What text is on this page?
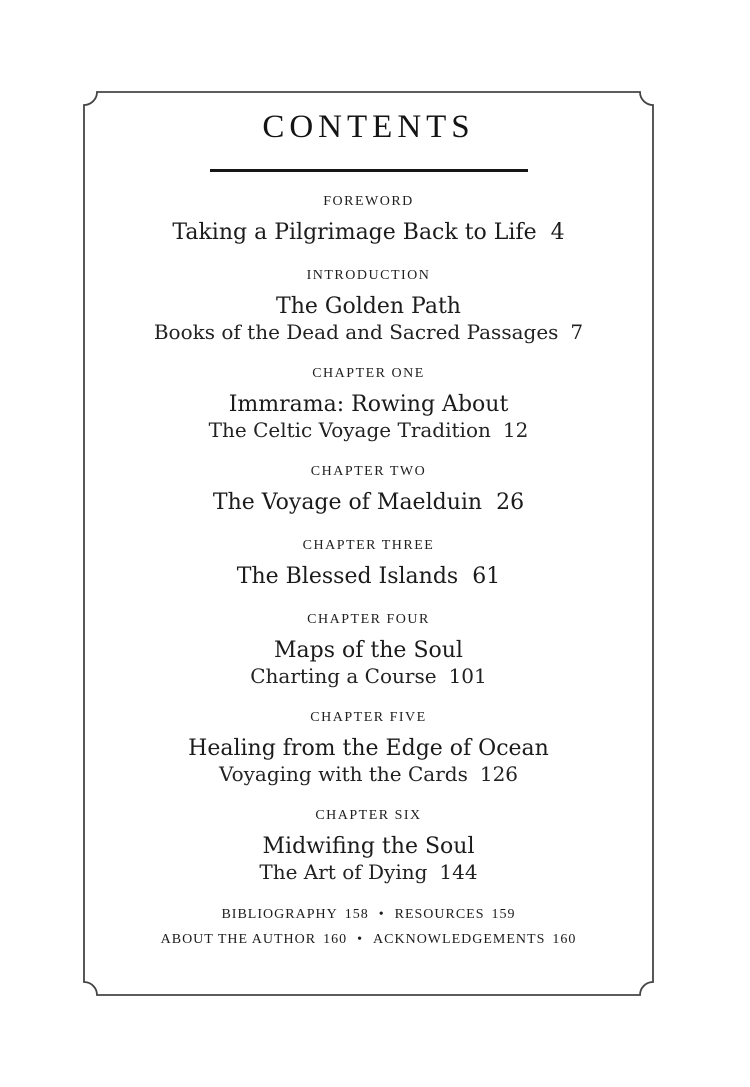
CONTENTS
FOREWORD
Taking a Pilgrimage Back to Life 4
INTRODUCTION
The Golden Path
Books of the Dead and Sacred Passages 7
CHAPTER ONE
Immrama: Rowing About
The Celtic Voyage Tradition 12
CHAPTER TWO
The Voyage of Maelduin 26
CHAPTER THREE
The Blessed Islands 61
CHAPTER FOUR
Maps of the Soul
Charting a Course 101
CHAPTER FIVE
Healing from the Edge of Ocean
Voyaging with the Cards 126
CHAPTER SIX
Midwifing the Soul
The Art of Dying 144
BIBLIOGRAPHY 158 • RESOURCES 159
ABOUT THE AUTHOR 160 • ACKNOWLEDGEMENTS 160
